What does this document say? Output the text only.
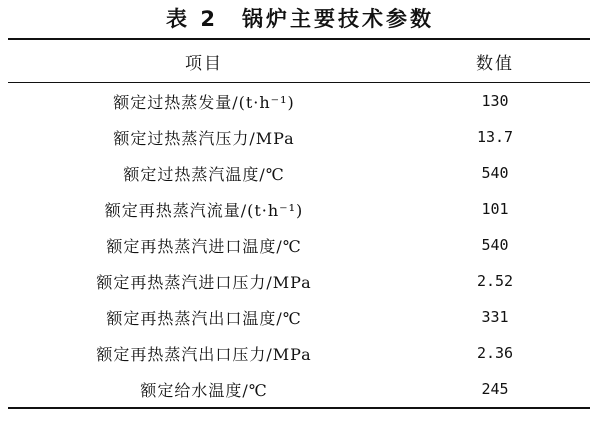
表 2　锅炉主要技术参数
项目	数值
额定过热蒸发量/(t·h⁻¹)	130
额定过热蒸汽压力/MPa	13.7
额定过热蒸汽温度/℃	540
额定再热蒸汽流量/(t·h⁻¹)	101
额定再热蒸汽进口温度/℃	540
额定再热蒸汽进口压力/MPa	2.52
额定再热蒸汽出口温度/℃	331
额定再热蒸汽出口压力/MPa	2.36
额定给水温度/℃	245
